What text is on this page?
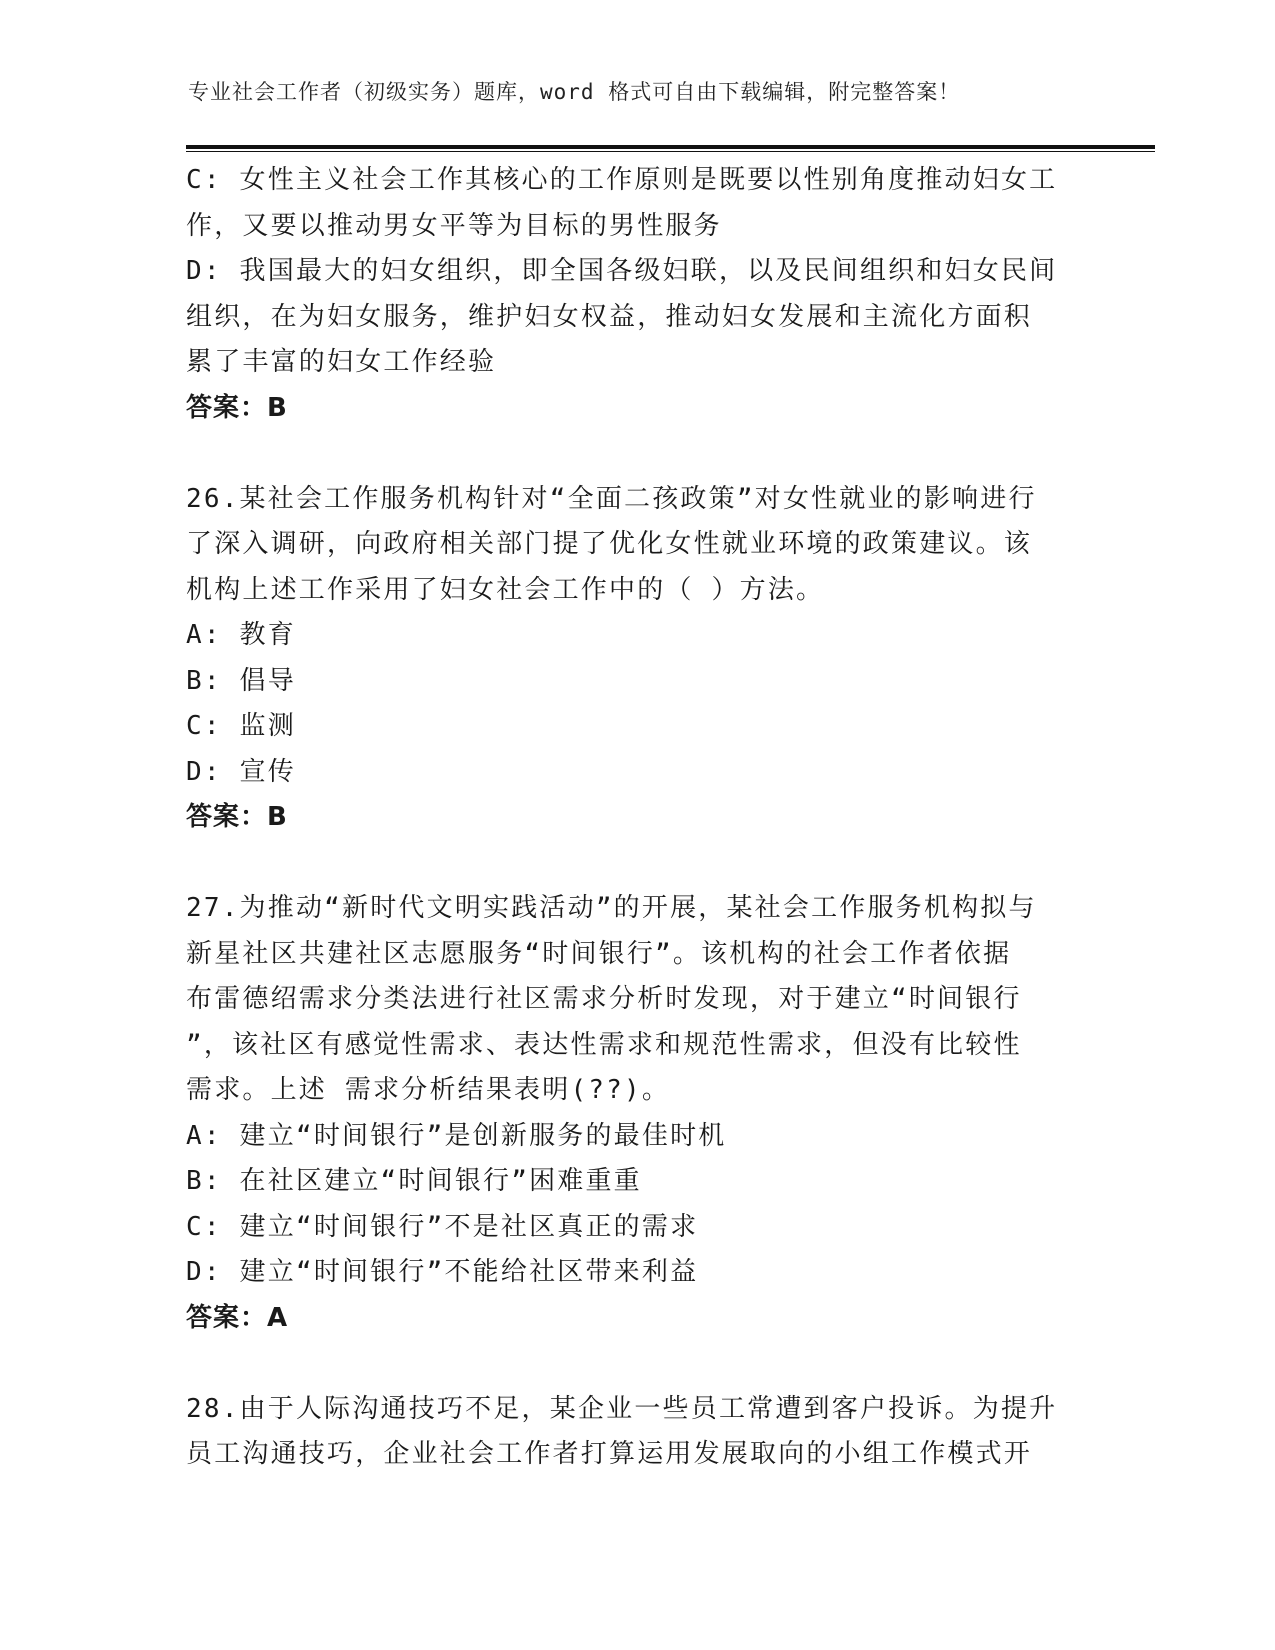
专业社会工作者（初级实务）题库，word 格式可自由下载编辑，附完整答案！
C: 女性主义社会工作其核心的工作原则是既要以性别角度推动妇女工
作，又要以推动男女平等为目标的男性服务
D: 我国最大的妇女组织，即全国各级妇联，以及民间组织和妇女民间
组织，在为妇女服务，维护妇女权益，推动妇女发展和主流化方面积
累了丰富的妇女工作经验
答案：B
26.某社会工作服务机构针对“全面二孩政策”对女性就业的影响进行
了深入调研，向政府相关部门提了优化女性就业环境的政策建议。该
机构上述工作采用了妇女社会工作中的（ ）方法。
A: 教育
B: 倡导
C: 监测
D: 宣传
答案：B
27.为推动“新时代文明实践活动”的开展，某社会工作服务机构拟与
新星社区共建社区志愿服务“时间银行”。该机构的社会工作者依据
布雷德绍需求分类法进行社区需求分析时发现，对于建立“时间银行
”，该社区有感觉性需求、表达性需求和规范性需求，但没有比较性
需求。上述 需求分析结果表明(??)。
A: 建立“时间银行”是创新服务的最佳时机
B: 在社区建立“时间银行”困难重重
C: 建立“时间银行”不是社区真正的需求
D: 建立“时间银行”不能给社区带来利益
答案：A
28.由于人际沟通技巧不足，某企业一些员工常遭到客户投诉。为提升
员工沟通技巧，企业社会工作者打算运用发展取向的小组工作模式开
